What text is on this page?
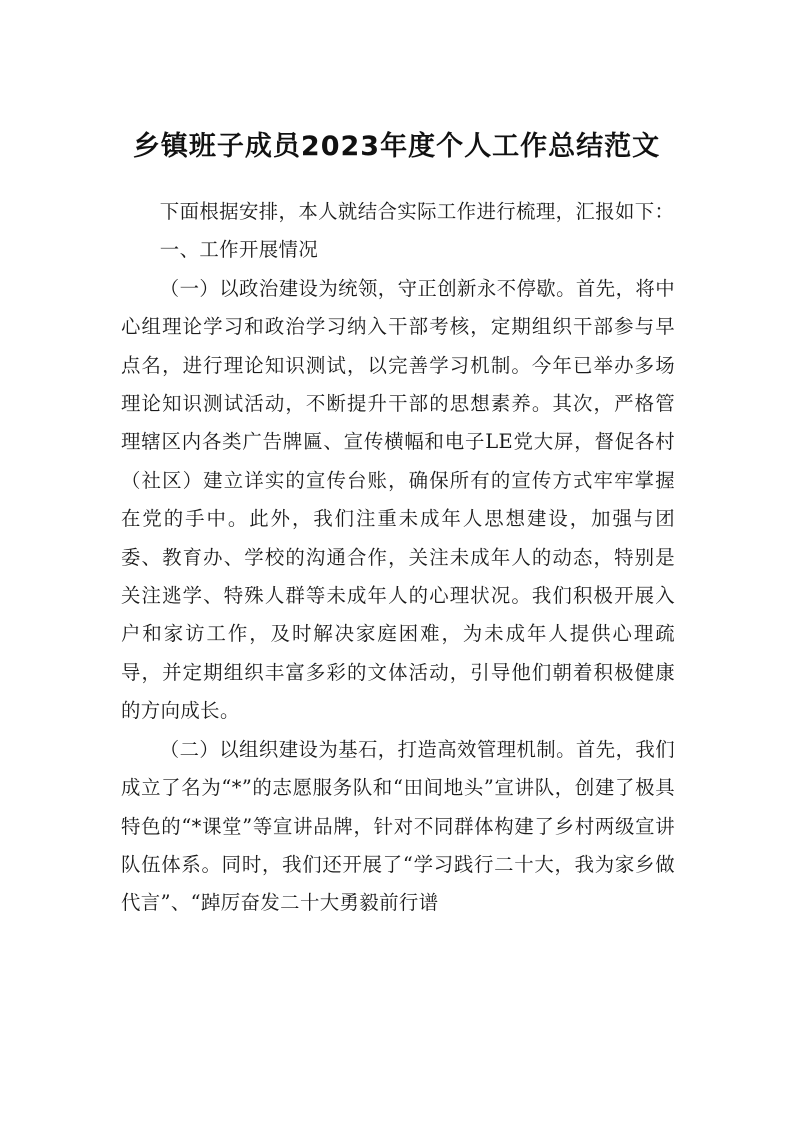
乡镇班子成员2023年度个人工作总结范文

下面根据安排，本人就结合实际工作进行梳理，汇报如下：

一、工作开展情况

（一）以政治建设为统领，守正创新永不停歇。首先，将中心组理论学习和政治学习纳入干部考核，定期组织干部参与早点名，进行理论知识测试，以完善学习机制。今年已举办多场理论知识测试活动，不断提升干部的思想素养。其次，严格管理辖区内各类广告牌匾、宣传横幅和电子LE党大屏，督促各村（社区）建立详实的宣传台账，确保所有的宣传方式牢牢掌握在党的手中。此外，我们注重未成年人思想建设，加强与团委、教育办、学校的沟通合作，关注未成年人的动态，特别是关注逃学、特殊人群等未成年人的心理状况。我们积极开展入户和家访工作，及时解决家庭困难，为未成年人提供心理疏导，并定期组织丰富多彩的文体活动，引导他们朝着积极健康的方向成长。

（二）以组织建设为基石，打造高效管理机制。首先，我们成立了名为“*”的志愿服务队和“田间地头”宣讲队，创建了极具特色的“*课堂”等宣讲品牌，针对不同群体构建了乡村两级宣讲队伍体系。同时，我们还开展了“学习践行二十大，我为家乡做代言”、“踔厉奋发二十大勇毅前行谱
